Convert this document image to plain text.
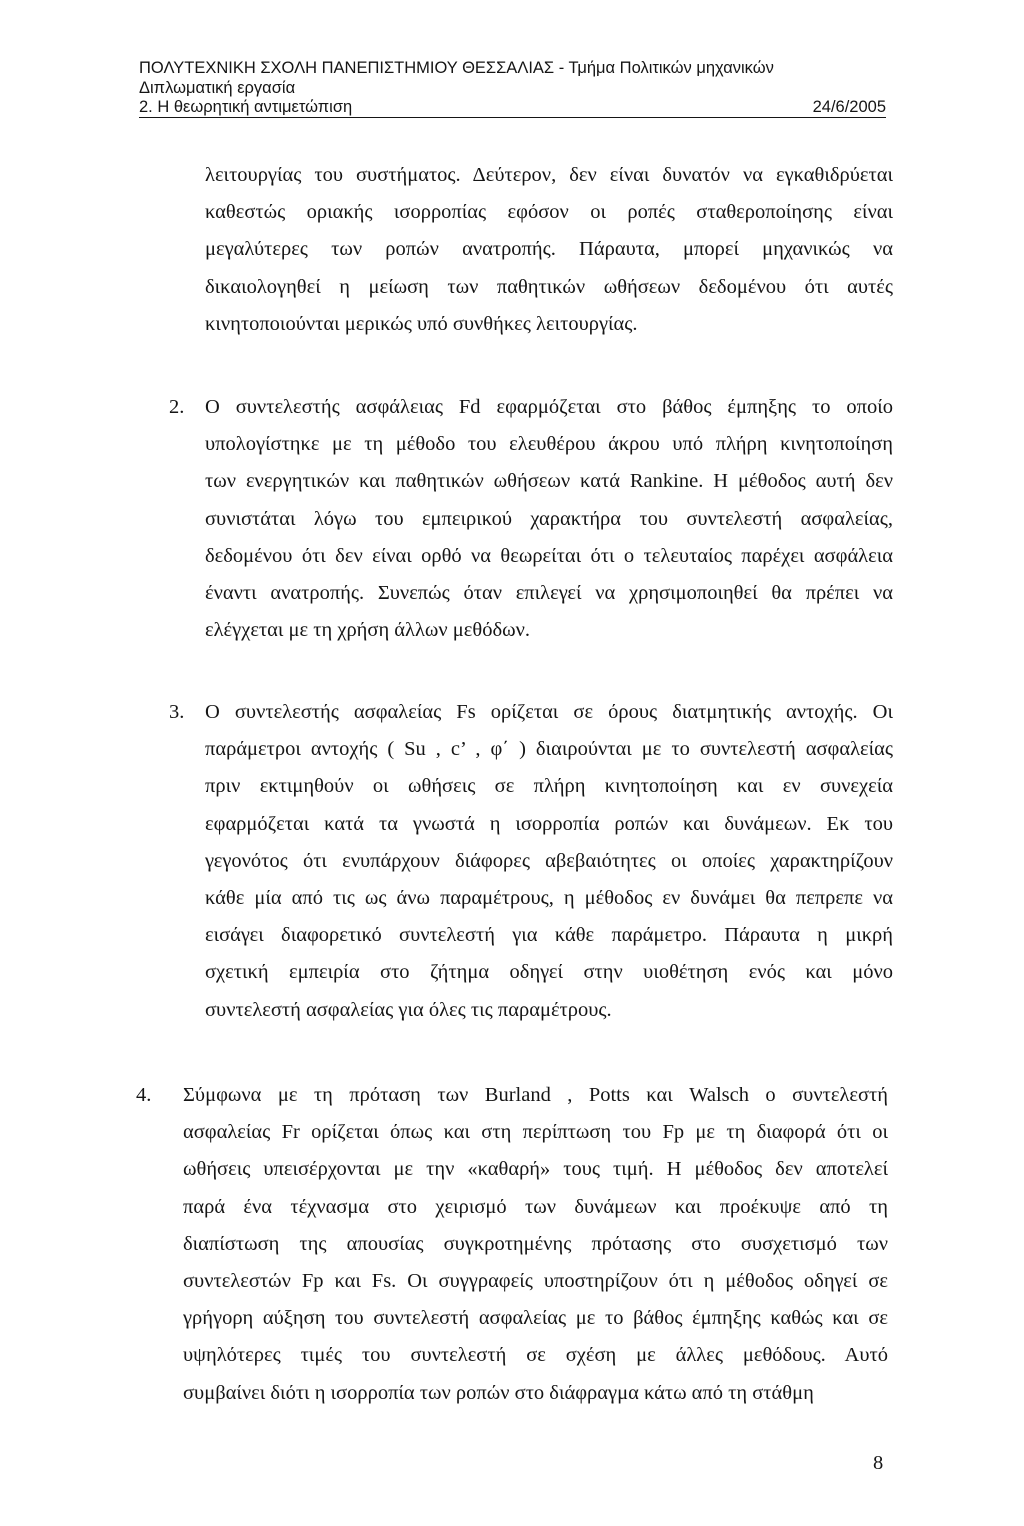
ΠΟΛΥΤΕΧΝΙΚΗ ΣΧΟΛΗ ΠΑΝΕΠΙΣΤΗΜΙΟΥ ΘΕΣΣΑΛΙΑΣ - Τμήμα Πολιτικών μηχανικών
Διπλωματική εργασία
2. Η θεωρητική αντιμετώπιση	24/6/2005
λειτουργίας του συστήματος. Δεύτερον, δεν είναι δυνατόν να εγκαθιδρύεται
καθεστώς οριακής ισορροπίας εφόσον οι ροπές σταθεροποίησης είναι
μεγαλύτερες των ροπών ανατροπής. Πάραυτα, μπορεί μηχανικώς να
δικαιολογηθεί η μείωση των παθητικών ωθήσεων δεδομένου ότι αυτές
κινητοποιούνται μερικώς υπό συνθήκες λειτουργίας.
2. Ο συντελεστής ασφάλειας Fd εφαρμόζεται στο βάθος έμπηξης το οποίο
υπολογίστηκε με τη μέθοδο του ελευθέρου άκρου υπό πλήρη κινητοποίηση
των ενεργητικών και παθητικών ωθήσεων κατά Rankine. Η μέθοδος αυτή δεν
συνιστάται λόγω του εμπειρικού χαρακτήρα του συντελεστή ασφαλείας,
δεδομένου ότι δεν είναι ορθό να θεωρείται ότι ο τελευταίος παρέχει ασφάλεια
έναντι ανατροπής. Συνεπώς όταν επιλεγεί να χρησιμοποιηθεί θα πρέπει να
ελέγχεται με τη χρήση άλλων μεθόδων.
3. Ο συντελεστής ασφαλείας Fs ορίζεται σε όρους διατμητικής αντοχής. Οι
παράμετροι αντοχής ( Su , c’ , φ΄ ) διαιρούνται με το συντελεστή ασφαλείας
πριν εκτιμηθούν οι ωθήσεις σε πλήρη κινητοποίηση και εν συνεχεία
εφαρμόζεται κατά τα γνωστά η ισορροπία ροπών και δυνάμεων. Εκ του
γεγονότος ότι ενυπάρχουν διάφορες αβεβαιότητες οι οποίες χαρακτηρίζουν
κάθε μία από τις ως άνω παραμέτρους, η μέθοδος εν δυνάμει θα πεπρεπε να
εισάγει διαφορετικό συντελεστή για κάθε παράμετρο. Πάραυτα η μικρή
σχετική εμπειρία στο ζήτημα οδηγεί στην υιοθέτηση ενός και μόνο
συντελεστή ασφαλείας για όλες τις παραμέτρους.
4. Σύμφωνα με τη πρόταση των Burland , Potts και Walsch ο συντελεστή
ασφαλείας Fr ορίζεται όπως και στη περίπτωση του Fp με τη διαφορά ότι οι
ωθήσεις υπεισέρχονται με την «καθαρή» τους τιμή. Η μέθοδος δεν αποτελεί
παρά ένα τέχνασμα στο χειρισμό των δυνάμεων και προέκυψε από τη
διαπίστωση της απουσίας συγκροτημένης πρότασης στο συσχετισμό των
συντελεστών Fp και Fs. Οι συγγραφείς υποστηρίζουν ότι η μέθοδος οδηγεί σε
γρήγορη αύξηση του συντελεστή ασφαλείας με το βάθος έμπηξης καθώς και σε
υψηλότερες τιμές του συντελεστή σε σχέση με άλλες μεθόδους. Αυτό
συμβαίνει διότι η ισορροπία των ροπών στο διάφραγμα κάτω από τη στάθμη
8
